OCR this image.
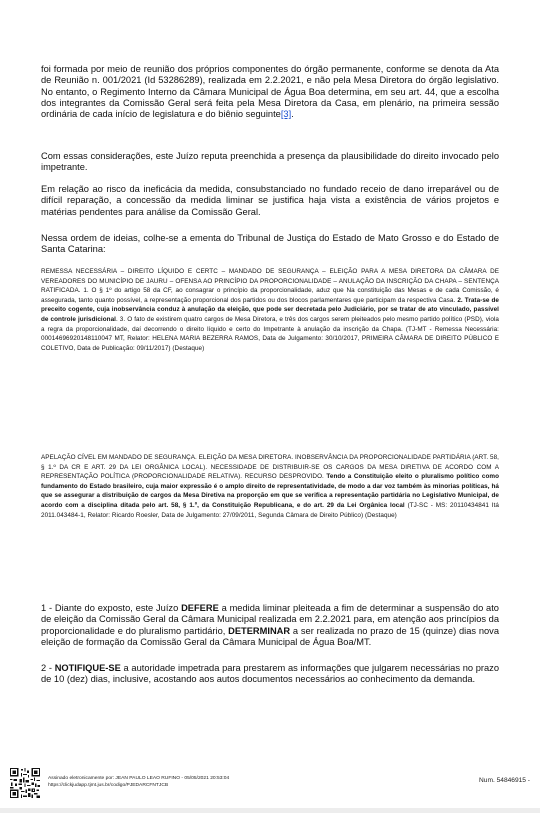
foi formada por meio de reunião dos próprios componentes do órgão permanente, conforme se denota da Ata de Reunião n. 001/2021 (Id 53286289), realizada em 2.2.2021, e não pela Mesa Diretora do órgão legislativo. No entanto, o Regimento Interno da Câmara Municipal de Água Boa determina, em seu art. 44, que a escolha dos integrantes da Comissão Geral será feita pela Mesa Diretora da Casa, em plenário, na primeira sessão ordinária de cada início de legislatura e do biênio seguinte[3].
Com essas considerações, este Juízo reputa preenchida a presença da plausibilidade do direito invocado pelo impetrante.
Em relação ao risco da ineficácia da medida, consubstanciado no fundado receio de dano irreparável ou de difícil reparação, a concessão da medida liminar se justifica haja vista a existência de vários projetos e matérias pendentes para análise da Comissão Geral.
Nessa ordem de ideias, colhe-se a ementa do Tribunal de Justiça do Estado de Mato Grosso e do Estado de Santa Catarina:
REMESSA NECESSÁRIA – DIREITO LÍQUIDO E CERTC – MANDADO DE SEGURANÇA – ELEIÇÃO PARA A MESA DIRETORA DA CÂMARA DE VEREADORES DO MUNICÍPIO DE JAURU – OFENSA AO PRINCÍPIO DA PROPORCIONALIDADE – ANULAÇÃO DA INSCRIÇÃO DA CHAPA – SENTENÇA RATIFICADA. 1. O § 1º do artigo 58 da CF, ao consagrar o princípio da proporcionalidade, aduz que Na constituição das Mesas e de cada Comissão, é assegurada, tanto quanto possível, a representação proporcional dos partidos ou dos blocos parlamentares que participam da respectiva Casa. 2. Trata-se de preceito cogente, cuja inobservância conduz à anulação da eleição, que pode ser decretada pelo Judiciário, por se tratar de ato vinculado, passível de controle jurisdicional. 3. O fato de existirem quatro cargos de Mesa Diretora, e três dos cargos serem pleiteados pelo mesmo partido político (PSD), viola a regra da proporcionalidade, daí decorrendo o direito líquido e certo do Impetrante à anulação da inscrição da Chapa. (TJ-MT - Remessa Necessária: 00014696920148110047 MT, Relator: HELENA MARIA BEZERRA RAMOS, Data de Julgamento: 30/10/2017, PRIMEIRA CÂMARA DE DIREITO PÚBLICO E COLETIVO, Data de Publicação: 09/11/2017) (Destaque)
APELAÇÃO CÍVEL EM MANDADO DE SEGURANÇA. ELEIÇÃO DA MESA DIRETORA. INOBSERVÂNCIA DA PROPORCIONALIDADE PARTIDÁRIA (ART. 58, § 1.º DA CR E ART. 29 DA LEI ORGÂNICA LOCAL). NECESSIDADE DE DISTRIBUIR-SE OS CARGOS DA MESA DIRETIVA DE ACORDO COM A REPRESENTAÇÃO POLÍTICA (PROPORCIONALIDADE RELATIVA). RECURSO DESPROVIDO. Tendo a Constituição eleito o pluralismo político como fundamento do Estado brasileiro, cuja maior expressão é o amplo direito de representatividade, de modo a dar voz também às minorias políticas, há que se assegurar a distribuição de cargos da Mesa Diretiva na proporção em que se verifica a representação partidária no Legislativo Municipal, de acordo com a disciplina ditada pelo art. 58, § 1.º, da Constituição Republicana, e do art. 29 da Lei Orgânica local (TJ-SC - MS: 20110434841 Itá 2011.043484-1, Relator: Ricardo Roesler, Data de Julgamento: 27/09/2011, Segunda Câmara de Direito Público) (Destaque)
1 - Diante do exposto, este Juízo DEFERE a medida liminar pleiteada a fim de determinar a suspensão do ato de eleição da Comissão Geral da Câmara Municipal realizada em 2.2.2021 para, em atenção aos princípios da proporcionalidade e do pluralismo partidário, DETERMINAR a ser realizada no prazo de 15 (quinze) dias nova eleição de formação da Comissão Geral da Câmara Municipal de Água Boa/MT.
2 - NOTIFIQUE-SE a autoridade impetrada para prestarem as informações que julgarem necessárias no prazo de 10 (dez) dias, inclusive, acostando aos autos documentos necessários ao conhecimento da demanda.
Assinado eletronicamente por: JEAN PAULO LEAO RUFINO - 05/05/2021 20:53:04
https://clickjudapp.tjmt.jus.br/codigo/PJEDARCFNTJCB
Num. 54846915 -
